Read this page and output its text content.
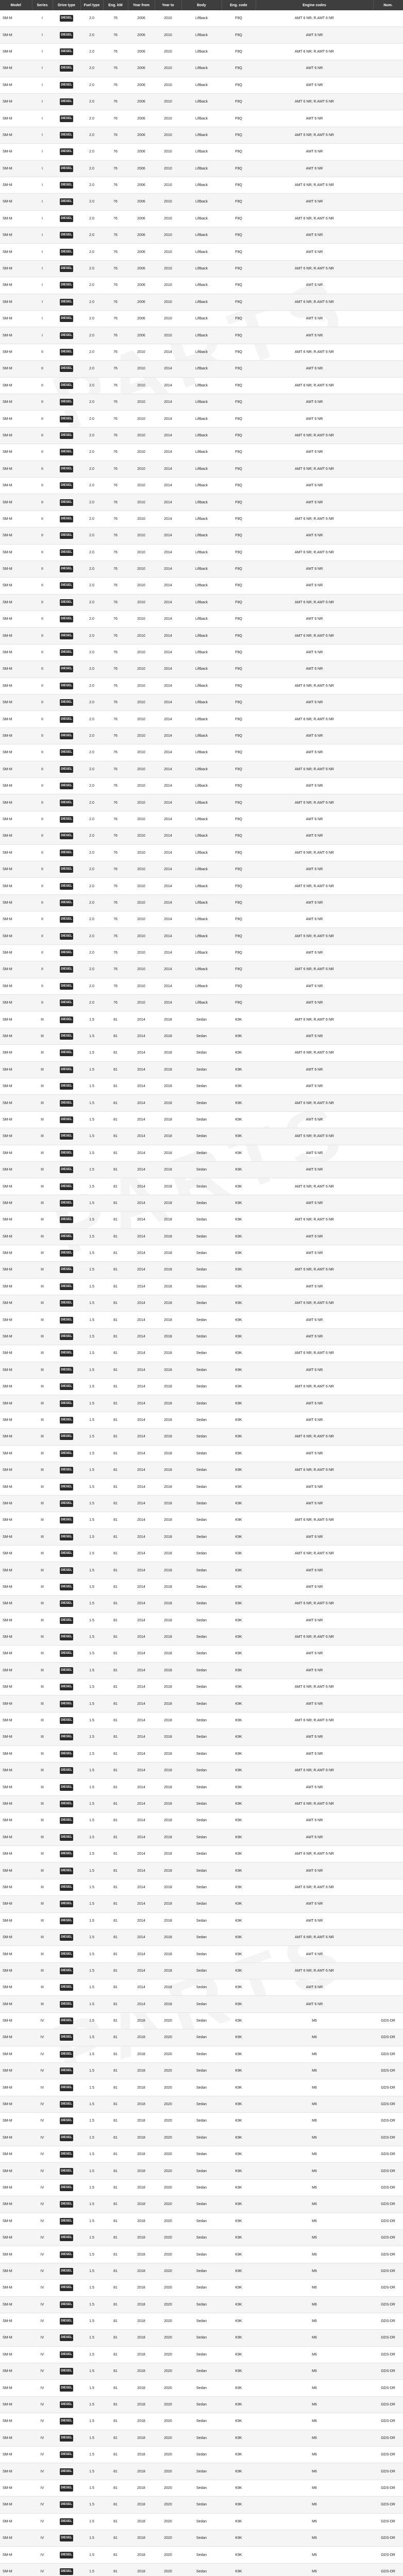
Model	Series	Drive type	Fuel type	Eng. kW	Year from	Year to	Body	Eng. code	Engine codes	Num.
SM-M	I	DIESEL	2.0	76	2006	2010	Liftback	F9Q	AMT 6 NR; R.AMT 6 NR	
SM-M	I	DIESEL	2.0	76	2006	2010	Liftback	F9Q	AMT 6 NR	
SM-M	I	DIESEL	2.0	76	2006	2010	Liftback	F9Q	AMT 6 NR; R.AMT 6 NR	
SM-M	I	DIESEL	2.0	76	2006	2010	Liftback	F9Q	AMT 6 NR	
SM-M	I	DIESEL	2.0	76	2006	2010	Liftback	F9Q	AMT 6 NR	
SM-M	I	DIESEL	2.0	76	2006	2010	Liftback	F9Q	AMT 6 NR; R.AMT 6 NR	
SM-M	I	DIESEL	2.0	76	2006	2010	Liftback	F9Q	AMT 6 NR	
SM-M	I	DIESEL	2.0	76	2006	2010	Liftback	F9Q	AMT 6 NR; R.AMT 6 NR	
SM-M	I	DIESEL	2.0	76	2006	2010	Liftback	F9Q	AMT 6 NR	
SM-M	I	DIESEL	2.0	76	2006	2010	Liftback	F9Q	AMT 6 NR	
SM-M	I	DIESEL	2.0	76	2006	2010	Liftback	F9Q	AMT 6 NR; R.AMT 6 NR	
SM-M	I	DIESEL	2.0	76	2006	2010	Liftback	F9Q	AMT 6 NR	
SM-M	I	DIESEL	2.0	76	2006	2010	Liftback	F9Q	AMT 6 NR; R.AMT 6 NR	
SM-M	I	DIESEL	2.0	76	2006	2010	Liftback	F9Q	AMT 6 NR	
SM-M	I	DIESEL	2.0	76	2006	2010	Liftback	F9Q	AMT 6 NR	
SM-M	I	DIESEL	2.0	76	2006	2010	Liftback	F9Q	AMT 6 NR; R.AMT 6 NR	
SM-M	I	DIESEL	2.0	76	2006	2010	Liftback	F9Q	AMT 6 NR	
SM-M	I	DIESEL	2.0	76	2006	2010	Liftback	F9Q	AMT 6 NR; R.AMT 6 NR	
SM-M	I	DIESEL	2.0	76	2006	2010	Liftback	F9Q	AMT 6 NR	
SM-M	I	DIESEL	2.0	76	2006	2010	Liftback	F9Q	AMT 6 NR	
SM-M	II	DIESEL	2.0	76	2010	2014	Liftback	F9Q	AMT 6 NR; R.AMT 6 NR	
SM-M	II	DIESEL	2.0	76	2010	2014	Liftback	F9Q	AMT 6 NR	
SM-M	II	DIESEL	2.0	76	2010	2014	Liftback	F9Q	AMT 6 NR; R.AMT 6 NR	
SM-M	II	DIESEL	2.0	76	2010	2014	Liftback	F9Q	AMT 6 NR	
SM-M	II	DIESEL	2.0	76	2010	2014	Liftback	F9Q	AMT 6 NR	
SM-M	II	DIESEL	2.0	76	2010	2014	Liftback	F9Q	AMT 6 NR; R.AMT 6 NR	
SM-M	II	DIESEL	2.0	76	2010	2014	Liftback	F9Q	AMT 6 NR	
SM-M	II	DIESEL	2.0	76	2010	2014	Liftback	F9Q	AMT 6 NR; R.AMT 6 NR	
SM-M	II	DIESEL	2.0	76	2010	2014	Liftback	F9Q	AMT 6 NR	
SM-M	II	DIESEL	2.0	76	2010	2014	Liftback	F9Q	AMT 6 NR	
SM-M	II	DIESEL	2.0	76	2010	2014	Liftback	F9Q	AMT 6 NR; R.AMT 6 NR	
SM-M	II	DIESEL	2.0	76	2010	2014	Liftback	F9Q	AMT 6 NR	
SM-M	II	DIESEL	2.0	76	2010	2014	Liftback	F9Q	AMT 6 NR; R.AMT 6 NR	
SM-M	II	DIESEL	2.0	76	2010	2014	Liftback	F9Q	AMT 6 NR	
SM-M	II	DIESEL	2.0	76	2010	2014	Liftback	F9Q	AMT 6 NR	
SM-M	II	DIESEL	2.0	76	2010	2014	Liftback	F9Q	AMT 6 NR; R.AMT 6 NR	
SM-M	II	DIESEL	2.0	76	2010	2014	Liftback	F9Q	AMT 6 NR	
SM-M	II	DIESEL	2.0	76	2010	2014	Liftback	F9Q	AMT 6 NR; R.AMT 6 NR	
SM-M	II	DIESEL	2.0	76	2010	2014	Liftback	F9Q	AMT 6 NR	
SM-M	II	DIESEL	2.0	76	2010	2014	Liftback	F9Q	AMT 6 NR	
SM-M	II	DIESEL	2.0	76	2010	2014	Liftback	F9Q	AMT 6 NR; R.AMT 6 NR	
SM-M	II	DIESEL	2.0	76	2010	2014	Liftback	F9Q	AMT 6 NR	
SM-M	II	DIESEL	2.0	76	2010	2014	Liftback	F9Q	AMT 6 NR; R.AMT 6 NR	
SM-M	II	DIESEL	2.0	76	2010	2014	Liftback	F9Q	AMT 6 NR	
SM-M	II	DIESEL	2.0	76	2010	2014	Liftback	F9Q	AMT 6 NR	
SM-M	II	DIESEL	2.0	76	2010	2014	Liftback	F9Q	AMT 6 NR; R.AMT 6 NR	
SM-M	II	DIESEL	2.0	76	2010	2014	Liftback	F9Q	AMT 6 NR	
SM-M	II	DIESEL	2.0	76	2010	2014	Liftback	F9Q	AMT 6 NR; R.AMT 6 NR	
SM-M	II	DIESEL	2.0	76	2010	2014	Liftback	F9Q	AMT 6 NR	
SM-M	II	DIESEL	2.0	76	2010	2014	Liftback	F9Q	AMT 6 NR	
SM-M	II	DIESEL	2.0	76	2010	2014	Liftback	F9Q	AMT 6 NR; R.AMT 6 NR	
SM-M	II	DIESEL	2.0	76	2010	2014	Liftback	F9Q	AMT 6 NR	
SM-M	II	DIESEL	2.0	76	2010	2014	Liftback	F9Q	AMT 6 NR; R.AMT 6 NR	
SM-M	II	DIESEL	2.0	76	2010	2014	Liftback	F9Q	AMT 6 NR	
SM-M	II	DIESEL	2.0	76	2010	2014	Liftback	F9Q	AMT 6 NR	
SM-M	II	DIESEL	2.0	76	2010	2014	Liftback	F9Q	AMT 6 NR; R.AMT 6 NR	
SM-M	II	DIESEL	2.0	76	2010	2014	Liftback	F9Q	AMT 6 NR	
SM-M	II	DIESEL	2.0	76	2010	2014	Liftback	F9Q	AMT 6 NR; R.AMT 6 NR	
SM-M	II	DIESEL	2.0	76	2010	2014	Liftback	F9Q	AMT 6 NR	
SM-M	II	DIESEL	2.0	76	2010	2014	Liftback	F9Q	AMT 6 NR	
SM-M	III	DIESEL	1.5	81	2014	2018	Sedan	K9K	AMT 6 NR; R.AMT 6 NR	
SM-M	III	DIESEL	1.5	81	2014	2018	Sedan	K9K	AMT 6 NR	
SM-M	III	DIESEL	1.5	81	2014	2018	Sedan	K9K	AMT 6 NR; R.AMT 6 NR	
SM-M	III	DIESEL	1.5	81	2014	2018	Sedan	K9K	AMT 6 NR	
SM-M	III	DIESEL	1.5	81	2014	2018	Sedan	K9K	AMT 6 NR	
SM-M	III	DIESEL	1.5	81	2014	2018	Sedan	K9K	AMT 6 NR; R.AMT 6 NR	
SM-M	III	DIESEL	1.5	81	2014	2018	Sedan	K9K	AMT 6 NR	
SM-M	III	DIESEL	1.5	81	2014	2018	Sedan	K9K	AMT 6 NR; R.AMT 6 NR	
SM-M	III	DIESEL	1.5	81	2014	2018	Sedan	K9K	AMT 6 NR	
SM-M	III	DIESEL	1.5	81	2014	2018	Sedan	K9K	AMT 6 NR	
SM-M	III	DIESEL	1.5	81	2014	2018	Sedan	K9K	AMT 6 NR; R.AMT 6 NR	
SM-M	III	DIESEL	1.5	81	2014	2018	Sedan	K9K	AMT 6 NR	
SM-M	III	DIESEL	1.5	81	2014	2018	Sedan	K9K	AMT 6 NR; R.AMT 6 NR	
SM-M	III	DIESEL	1.5	81	2014	2018	Sedan	K9K	AMT 6 NR	
SM-M	III	DIESEL	1.5	81	2014	2018	Sedan	K9K	AMT 6 NR	
SM-M	III	DIESEL	1.5	81	2014	2018	Sedan	K9K	AMT 6 NR; R.AMT 6 NR	
SM-M	III	DIESEL	1.5	81	2014	2018	Sedan	K9K	AMT 6 NR	
SM-M	III	DIESEL	1.5	81	2014	2018	Sedan	K9K	AMT 6 NR; R.AMT 6 NR	
SM-M	III	DIESEL	1.5	81	2014	2018	Sedan	K9K	AMT 6 NR	
SM-M	III	DIESEL	1.5	81	2014	2018	Sedan	K9K	AMT 6 NR	
SM-M	III	DIESEL	1.5	81	2014	2018	Sedan	K9K	AMT 6 NR; R.AMT 6 NR	
SM-M	III	DIESEL	1.5	81	2014	2018	Sedan	K9K	AMT 6 NR	
SM-M	III	DIESEL	1.5	81	2014	2018	Sedan	K9K	AMT 6 NR; R.AMT 6 NR	
SM-M	III	DIESEL	1.5	81	2014	2018	Sedan	K9K	AMT 6 NR	
SM-M	III	DIESEL	1.5	81	2014	2018	Sedan	K9K	AMT 6 NR	
SM-M	III	DIESEL	1.5	81	2014	2018	Sedan	K9K	AMT 6 NR; R.AMT 6 NR	
SM-M	III	DIESEL	1.5	81	2014	2018	Sedan	K9K	AMT 6 NR	
SM-M	III	DIESEL	1.5	81	2014	2018	Sedan	K9K	AMT 6 NR; R.AMT 6 NR	
SM-M	III	DIESEL	1.5	81	2014	2018	Sedan	K9K	AMT 6 NR	
SM-M	III	DIESEL	1.5	81	2014	2018	Sedan	K9K	AMT 6 NR	
SM-M	III	DIESEL	1.5	81	2014	2018	Sedan	K9K	AMT 6 NR; R.AMT 6 NR	
SM-M	III	DIESEL	1.5	81	2014	2018	Sedan	K9K	AMT 6 NR	
SM-M	III	DIESEL	1.5	81	2014	2018	Sedan	K9K	AMT 6 NR; R.AMT 6 NR	
SM-M	III	DIESEL	1.5	81	2014	2018	Sedan	K9K	AMT 6 NR	
SM-M	III	DIESEL	1.5	81	2014	2018	Sedan	K9K	AMT 6 NR	
SM-M	III	DIESEL	1.5	81	2014	2018	Sedan	K9K	AMT 6 NR; R.AMT 6 NR	
SM-M	III	DIESEL	1.5	81	2014	2018	Sedan	K9K	AMT 6 NR	
SM-M	III	DIESEL	1.5	81	2014	2018	Sedan	K9K	AMT 6 NR; R.AMT 6 NR	
SM-M	III	DIESEL	1.5	81	2014	2018	Sedan	K9K	AMT 6 NR	
SM-M	III	DIESEL	1.5	81	2014	2018	Sedan	K9K	AMT 6 NR	
SM-M	III	DIESEL	1.5	81	2014	2018	Sedan	K9K	AMT 6 NR; R.AMT 6 NR	
SM-M	III	DIESEL	1.5	81	2014	2018	Sedan	K9K	AMT 6 NR	
SM-M	III	DIESEL	1.5	81	2014	2018	Sedan	K9K	AMT 6 NR; R.AMT 6 NR	
SM-M	III	DIESEL	1.5	81	2014	2018	Sedan	K9K	AMT 6 NR	
SM-M	III	DIESEL	1.5	81	2014	2018	Sedan	K9K	AMT 6 NR	
SM-M	III	DIESEL	1.5	81	2014	2018	Sedan	K9K	AMT 6 NR; R.AMT 6 NR	
SM-M	III	DIESEL	1.5	81	2014	2018	Sedan	K9K	AMT 6 NR	
SM-M	III	DIESEL	1.5	81	2014	2018	Sedan	K9K	AMT 6 NR; R.AMT 6 NR	
SM-M	III	DIESEL	1.5	81	2014	2018	Sedan	K9K	AMT 6 NR	
SM-M	III	DIESEL	1.5	81	2014	2018	Sedan	K9K	AMT 6 NR	
SM-M	III	DIESEL	1.5	81	2014	2018	Sedan	K9K	AMT 6 NR; R.AMT 6 NR	
SM-M	III	DIESEL	1.5	81	2014	2018	Sedan	K9K	AMT 6 NR	
SM-M	III	DIESEL	1.5	81	2014	2018	Sedan	K9K	AMT 6 NR; R.AMT 6 NR	
SM-M	III	DIESEL	1.5	81	2014	2018	Sedan	K9K	AMT 6 NR	
SM-M	III	DIESEL	1.5	81	2014	2018	Sedan	K9K	AMT 6 NR	
SM-M	III	DIESEL	1.5	81	2014	2018	Sedan	K9K	AMT 6 NR; R.AMT 6 NR	
SM-M	III	DIESEL	1.5	81	2014	2018	Sedan	K9K	AMT 6 NR	
SM-M	III	DIESEL	1.5	81	2014	2018	Sedan	K9K	AMT 6 NR; R.AMT 6 NR	
SM-M	III	DIESEL	1.5	81	2014	2018	Sedan	K9K	AMT 6 NR	
SM-M	III	DIESEL	1.5	81	2014	2018	Sedan	K9K	AMT 6 NR	
SM-M	IV	DIESEL	1.5	81	2018	2020	Sedan	K9K	M6	GDS-DR
SM-M	IV	DIESEL	1.5	81	2018	2020	Sedan	K9K	M6	GDS-DR
SM-M	IV	DIESEL	1.5	81	2018	2020	Sedan	K9K	M6	GDS-DR
SM-M	IV	DIESEL	1.5	81	2018	2020	Sedan	K9K	M6	GDS-DR
SM-M	IV	DIESEL	1.5	81	2018	2020	Sedan	K9K	M6	GDS-DR
SM-M	IV	DIESEL	1.5	81	2018	2020	Sedan	K9K	M6	GDS-DR
SM-M	IV	DIESEL	1.5	81	2018	2020	Sedan	K9K	M6	GDS-DR
SM-M	IV	DIESEL	1.5	81	2018	2020	Sedan	K9K	M6	GDS-DR
SM-M	IV	DIESEL	1.5	81	2018	2020	Sedan	K9K	M6	GDS-DR
SM-M	IV	DIESEL	1.5	81	2018	2020	Sedan	K9K	M6	GDS-DR
SM-M	IV	DIESEL	1.5	81	2018	2020	Sedan	K9K	M6	GDS-DR
SM-M	IV	DIESEL	1.5	81	2018	2020	Sedan	K9K	M6	GDS-DR
SM-M	IV	DIESEL	1.5	81	2018	2020	Sedan	K9K	M6	GDS-DR
SM-M	IV	DIESEL	1.5	81	2018	2020	Sedan	K9K	M6	GDS-DR
SM-M	IV	DIESEL	1.5	81	2018	2020	Sedan	K9K	M6	GDS-DR
SM-M	IV	DIESEL	1.5	81	2018	2020	Sedan	K9K	M6	GDS-DR
SM-M	IV	DIESEL	1.5	81	2018	2020	Sedan	K9K	M6	GDS-DR
SM-M	IV	DIESEL	1.5	81	2018	2020	Sedan	K9K	M6	GDS-DR
SM-M	IV	DIESEL	1.5	81	2018	2020	Sedan	K9K	M6	GDS-DR
SM-M	IV	DIESEL	1.5	81	2018	2020	Sedan	K9K	M6	GDS-DR
SM-M	IV	DIESEL	1.5	81	2018	2020	Sedan	K9K	M6	GDS-DR
SM-M	IV	DIESEL	1.5	81	2018	2020	Sedan	K9K	M6	GDS-DR
SM-M	IV	DIESEL	1.5	81	2018	2020	Sedan	K9K	M6	GDS-DR
SM-M	IV	DIESEL	1.5	81	2018	2020	Sedan	K9K	M6	GDS-DR
SM-M	IV	DIESEL	1.5	81	2018	2020	Sedan	K9K	M6	GDS-DR
SM-M	IV	DIESEL	1.5	81	2018	2020	Sedan	K9K	M6	GDS-DR
SM-M	IV	DIESEL	1.5	81	2018	2020	Sedan	K9K	M6	GDS-DR
SM-M	IV	DIESEL	1.5	81	2018	2020	Sedan	K9K	M6	GDS-DR
SM-M	IV	DIESEL	1.5	81	2018	2020	Sedan	K9K	M6	GDS-DR
SM-M	IV	DIESEL	1.5	81	2018	2020	Sedan	K9K	M6	GDS-DR
SM-M	IV	DIESEL	1.5	81	2018	2020	Sedan	K9K	M6	GDS-DR
SM-M	IV	DIESEL	1.5	81	2018	2020	Sedan	K9K	M6	GDS-DR
SM-M	IV	DIESEL	1.5	81	2018	2020	Sedan	K9K	M6	GDS-DR
SM-M	IV	DIESEL	1.5	81	2018	2020	Sedan	K9K	M6	GDS-DR
